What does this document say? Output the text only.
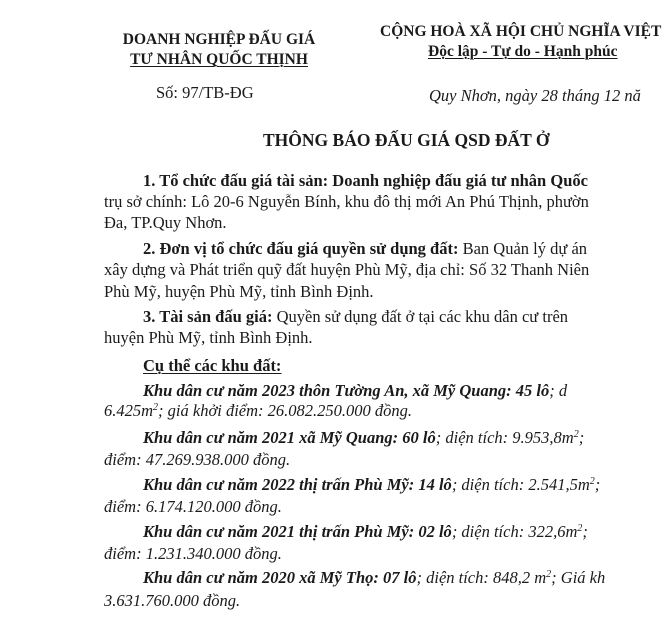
DOANH NGHIỆP ĐẤU GIÁ
TƯ NHÂN QUỐC THỊNH
CỘNG HOÀ XÃ HỘI CHỦ NGHĨA VIỆT
Độc lập - Tự do - Hạnh phúc
Số: 97/TB-ĐG	Quy Nhơn, ngày 28 tháng 12 nă
THÔNG BÁO ĐẤU GIÁ QSD ĐẤT Ở
1. Tổ chức đấu giá tài sản: Doanh nghiệp đấu giá tư nhân Quốc
trụ sở chính: Lô 20-6 Nguyễn Bính, khu đô thị mới An Phú Thịnh, phườn
Đa, TP.Quy Nhơn.
2. Đơn vị tổ chức đấu giá quyền sử dụng đất: Ban Quản lý dự án
xây dựng và Phát triển quỹ đất huyện Phù Mỹ, địa chỉ: Số 32 Thanh Niên
Phù Mỹ, huyện Phù Mỹ, tỉnh Bình Định.
3. Tài sản đấu giá: Quyền sử dụng đất ở tại các khu dân cư trên
huyện Phù Mỹ, tỉnh Bình Định.
Cụ thể các khu đất:
Khu dân cư năm 2023 thôn Tường An, xã Mỹ Quang: 45 lô; d
$6.425m^2$; giá khởi điểm: 26.082.250.000 đồng.
Khu dân cư năm 2021 xã Mỹ Quang: 60 lô; diện tích: $9.953,8m^2$;
điểm: 47.269.938.000 đồng.
Khu dân cư năm 2022 thị trấn Phù Mỹ: 14 lô; diện tích: $2.541,5m^2$;
điểm: 6.174.120.000 đồng.
Khu dân cư năm 2021 thị trấn Phù Mỹ: 02 lô; diện tích: $322,6m^2$;
điểm: 1.231.340.000 đồng.
Khu dân cư năm 2020 xã Mỹ Thọ: 07 lô; diện tích: 848,2 $m^2$; Giá kh
3.631.760.000 đồng.
